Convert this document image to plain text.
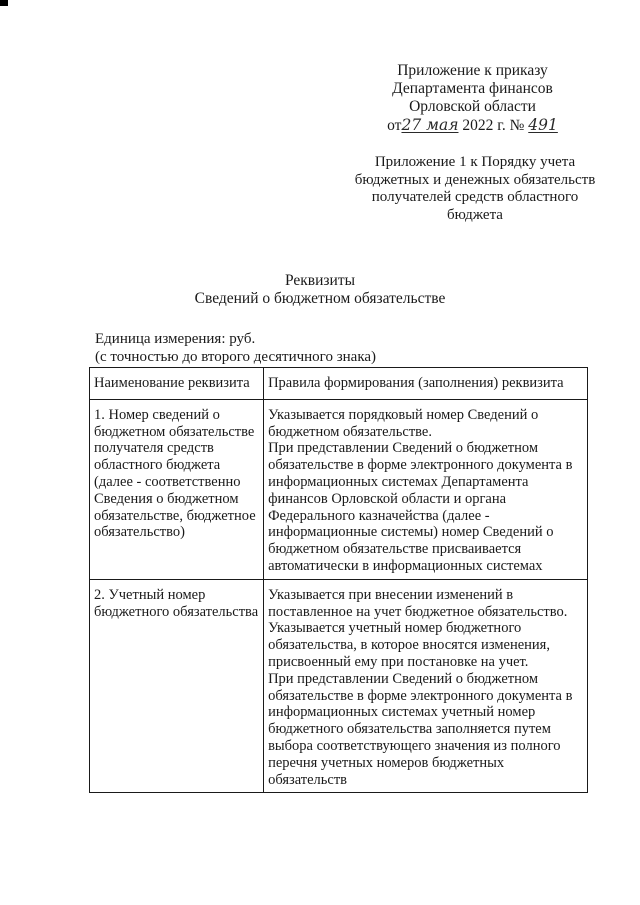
Приложение к приказу
Департамента финансов
Орловской области
от27 мая 2022 г. № 491
Приложение 1 к Порядку учета
бюджетных и денежных обязательств
получателей средств областного
бюджета
Реквизиты
Сведений о бюджетном обязательстве
Единица измерения: руб.
(с точностью до второго десятичного знака)
Наименование реквизита	Правила формирования (заполнения) реквизита
1. Номер сведений о бюджетном обязательстве получателя средств областного бюджета (далее - соответственно Сведения о бюджетном обязательстве, бюджетное обязательство)	Указывается порядковый номер Сведений о бюджетном обязательстве.
При представлении Сведений о бюджетном обязательстве в форме электронного документа в информационных системах Департамента финансов Орловской области и органа Федерального казначейства (далее - информационные системы) номер Сведений о бюджетном обязательстве присваивается автоматически в информационных системах

2. Учетный номер бюджетного обязательства	Указывается при внесении изменений в поставленное на учет бюджетное обязательство.
Указывается учетный номер бюджетного обязательства, в которое вносятся изменения, присвоенный ему при постановке на учет.
При представлении Сведений о бюджетном обязательстве в форме электронного документа в информационных системах учетный номер бюджетного обязательства заполняется путем выбора соответствующего значения из полного перечня учетных номеров бюджетных обязательств
